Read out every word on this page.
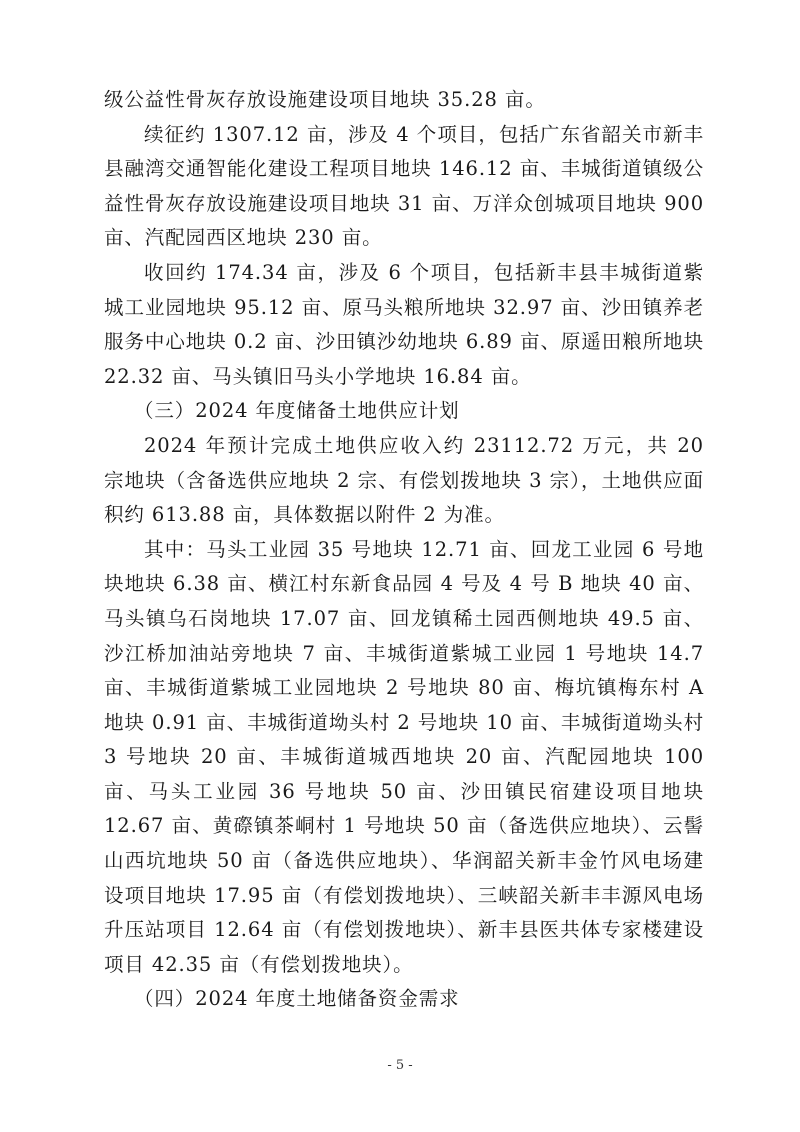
级公益性骨灰存放设施建设项目地块 35.28 亩。

续征约 1307.12 亩，涉及 4 个项目，包括广东省韶关市新丰县融湾交通智能化建设工程项目地块 146.12 亩、丰城街道镇级公益性骨灰存放设施建设项目地块 31 亩、万洋众创城项目地块 900 亩、汽配园西区地块 230 亩。

收回约 174.34 亩，涉及 6 个项目，包括新丰县丰城街道紫城工业园地块 95.12 亩、原马头粮所地块 32.97 亩、沙田镇养老服务中心地块 0.2 亩、沙田镇沙幼地块 6.89 亩、原遥田粮所地块 22.32 亩、马头镇旧马头小学地块 16.84 亩。

（三）2024 年度储备土地供应计划

2024 年预计完成土地供应收入约 23112.72 万元，共 20 宗地块（含备选供应地块 2 宗、有偿划拨地块 3 宗），土地供应面积约 613.88 亩，具体数据以附件 2 为准。

其中：马头工业园 35 号地块 12.71 亩、回龙工业园 6 号地块地块 6.38 亩、横江村东新食品园 4 号及 4 号 B 地块 40 亩、马头镇乌石岗地块 17.07 亩、回龙镇稀土园西侧地块 49.5 亩、沙江桥加油站旁地块 7 亩、丰城街道紫城工业园 1 号地块 14.7 亩、丰城街道紫城工业园地块 2 号地块 80 亩、梅坑镇梅东村 A 地块 0.91 亩、丰城街道坳头村 2 号地块 10 亩、丰城街道坳头村 3 号地块 20 亩、丰城街道城西地块 20 亩、汽配园地块 100 亩、马头工业园 36 号地块 50 亩、沙田镇民宿建设项目地块 12.67 亩、黄磜镇茶峒村 1 号地块 50 亩（备选供应地块）、云髻山西坑地块 50 亩（备选供应地块）、华润韶关新丰金竹风电场建设项目地块 17.95 亩（有偿划拨地块）、三峡韶关新丰丰源风电场升压站项目 12.64 亩（有偿划拨地块）、新丰县医共体专家楼建设项目 42.35 亩（有偿划拨地块）。

（四）2024 年度土地储备资金需求
- 5 -
